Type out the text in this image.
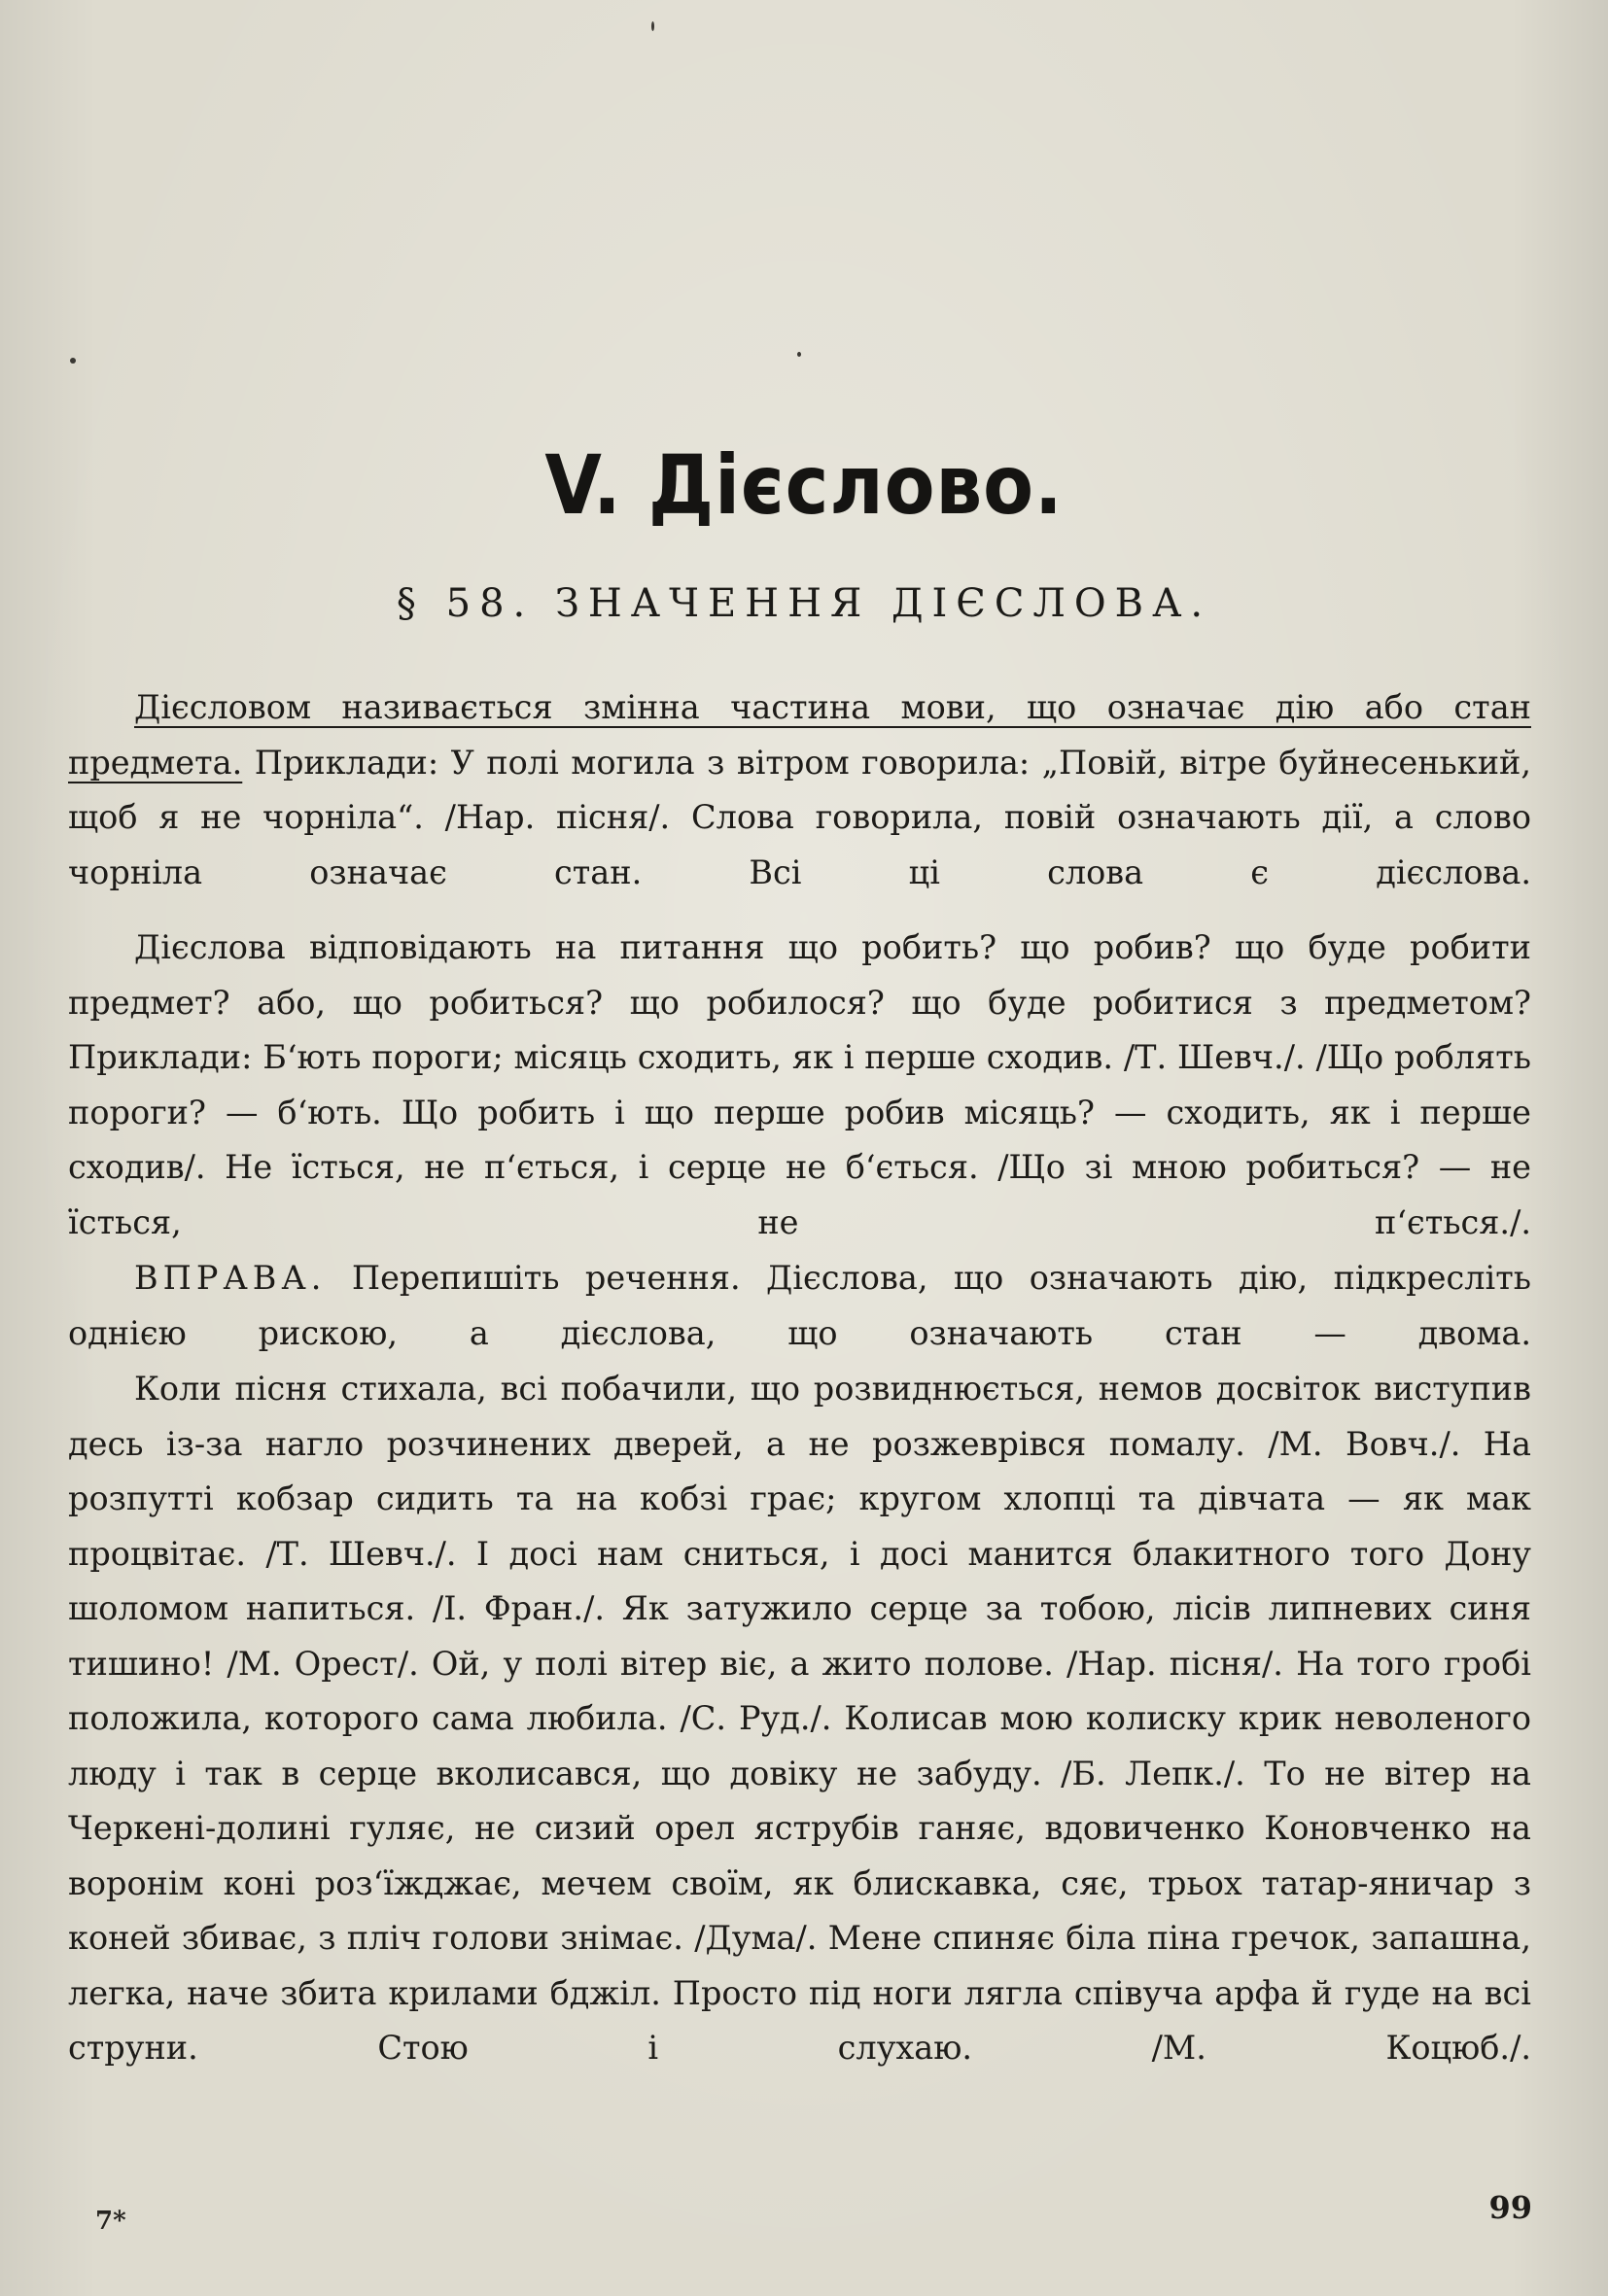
V. Дієслово.
§ 58. ЗНАЧЕННЯ ДІЄСЛОВА.

Дієсловом називається змінна частина мови, що означає дію або стан предмета. Приклади: У полі могила з вітром говорила: „Повій, вітре буйнесенький, щоб я не чорніла“. /Нар. пісня/. Слова говорила, повій означають дії, а слово чорніла означає стан. Всі ці слова є дієслова.

Дієслова відповідають на питання що робить? що робив? що буде робити предмет? або, що робиться? що робилося? що буде робитися з предметом? Приклади: Б‘ють пороги; місяць сходить, як і перше сходив. /Т. Шевч./. /Що роблять пороги? — б‘ють. Що робить і що перше робив місяць? — сходить, як і перше сходив/. Не їсться, не п‘ється, і серце не б‘ється. /Що зі мною робиться? — не їсться, не п‘ється./.

ВПРАВА. Перепишіть речення. Дієслова, що означають дію, підкресліть однією рискою, а дієслова, що означають стан — двома.

Коли пісня стихала, всі побачили, що розвиднюється, немов досвіток виступив десь із-за нагло розчинених дверей, а не розжеврівся помалу. /М. Вовч./. На розпутті кобзар сидить та на кобзі грає; кругом хлопці та дівчата — як мак процвітає. /Т. Шевч./. І досі нам сниться, і досі манится блакитного того Дону шоломом напиться. /І. Фран./. Як затужило серце за тобою, лісів липневих синя тишино! /М. Орест/. Ой, у полі вітер віє, а жито полове. /Нар. пісня/. На того гробі положила, которого сама любила. /С. Руд./. Колисав мою колиску крик неволеного люду і так в серце вколисався, що довіку не забуду. /Б. Лепк./. То не вітер на Черкені-долині гуляє, не сизий орел яструбів ганяє, вдовиченко Коновченко на воронім коні роз‘їжджає, мечем своїм, як блискавка, сяє, трьох татар-яничар з коней збиває, з пліч голови знімає. /Дума/. Мене спиняє біла піна гречок, запашна, легка, наче збита крилами бджіл. Просто під ноги лягла співуча арфа й гуде на всі струни. Стою і слухаю. /М. Коцюб./.

7*	99
